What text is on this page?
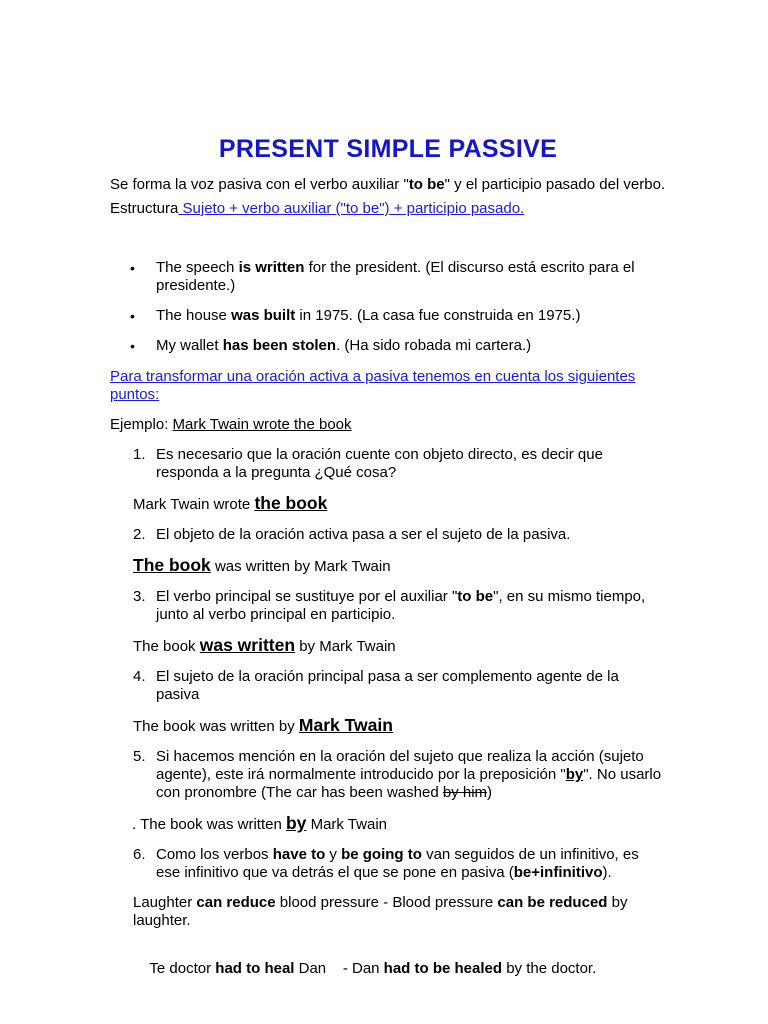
PRESENT SIMPLE PASSIVE

Se forma la voz pasiva con el verbo auxiliar "to be" y el participio pasado del verbo.

Estructura Sujeto + verbo auxiliar ("to be") + participio pasado.

• The speech is written for the president. (El discurso está escrito para el presidente.)
• The house was built in 1975. (La casa fue construida en 1975.)
• My wallet has been stolen. (Ha sido robada mi cartera.)

Para transformar una oración activa a pasiva tenemos en cuenta los siguientes puntos:

Ejemplo: Mark Twain wrote the book

1. Es necesario que la oración cuente con objeto directo, es decir que responda a la pregunta ¿Qué cosa?

Mark Twain wrote the book

2. El objeto de la oración activa pasa a ser el sujeto de la pasiva.

The book was written by Mark Twain

3. El verbo principal se sustituye por el auxiliar "to be", en su mismo tiempo, junto al verbo principal en participio.

The book was written by Mark Twain

4. El sujeto de la oración principal pasa a ser complemento agente de la pasiva

The book was written by Mark Twain

5. Si hacemos mención en la oración del sujeto que realiza la acción (sujeto agente), este irá normalmente introducido por la preposición "by". No usarlo con pronombre (The car has been washed by him)

. The book was written by Mark Twain

6. Como los verbos have to y be going to van seguidos de un infinitivo, es ese infinitivo que va detrás el que se pone en pasiva (be+infinitivo).

Laughter can reduce blood pressure - Blood pressure can be reduced by laughter.

Te doctor had to heal Dan    - Dan had to be healed by the doctor.
